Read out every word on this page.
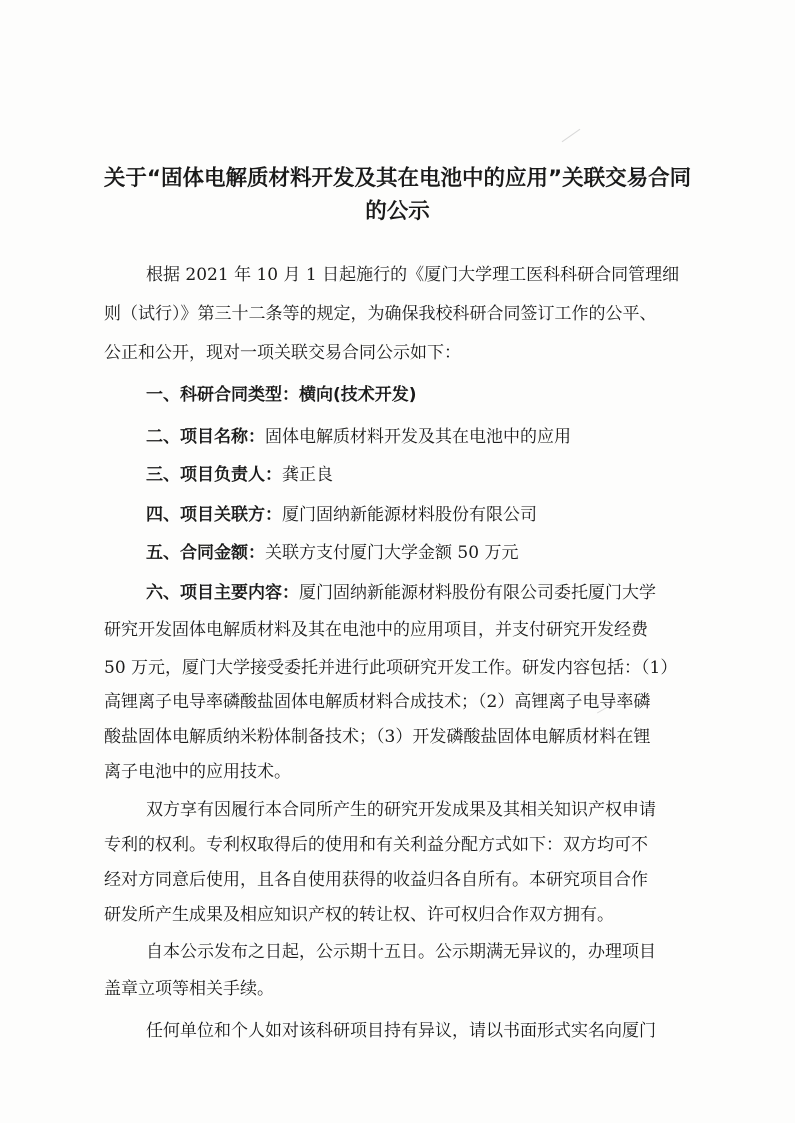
关于“固体电解质材料开发及其在电池中的应用”关联交易合同
的公示
根据 2021 年 10 月 1 日起施行的《厦门大学理工医科科研合同管理细
则（试行）》第三十二条等的规定，为确保我校科研合同签订工作的公平、
公正和公开，现对一项关联交易合同公示如下：
一、科研合同类型：横向(技术开发)
二、项目名称：固体电解质材料开发及其在电池中的应用
三、项目负责人：龚正良
四、项目关联方：厦门固纳新能源材料股份有限公司
五、合同金额：关联方支付厦门大学金额 50 万元
六、项目主要内容：厦门固纳新能源材料股份有限公司委托厦门大学
研究开发固体电解质材料及其在电池中的应用项目，并支付研究开发经费
50 万元，厦门大学接受委托并进行此项研究开发工作。研发内容包括：（1）
高锂离子电导率磷酸盐固体电解质材料合成技术；（2）高锂离子电导率磷
酸盐固体电解质纳米粉体制备技术；（3）开发磷酸盐固体电解质材料在锂
离子电池中的应用技术。
双方享有因履行本合同所产生的研究开发成果及其相关知识产权申请
专利的权利。专利权取得后的使用和有关利益分配方式如下：双方均可不
经对方同意后使用，且各自使用获得的收益归各自所有。本研究项目合作
研发所产生成果及相应知识产权的转让权、许可权归合作双方拥有。
自本公示发布之日起，公示期十五日。公示期满无异议的，办理项目
盖章立项等相关手续。
任何单位和个人如对该科研项目持有异议，请以书面形式实名向厦门
